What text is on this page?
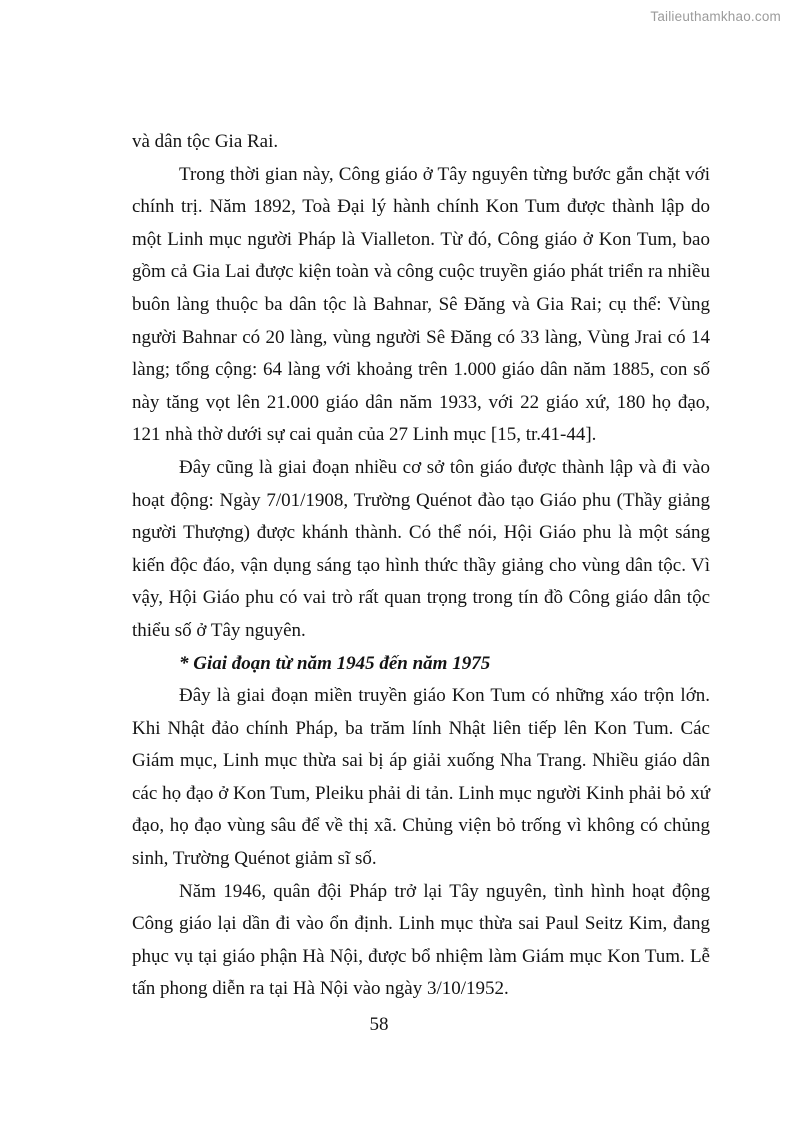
Tailieuthamkhao.com

và dân tộc Gia Rai.

Trong thời gian này, Công giáo ở Tây nguyên từng bước gắn chặt với chính trị. Năm 1892, Toà Đại lý hành chính Kon Tum được thành lập do một Linh mục người Pháp là Vialleton. Từ đó, Công giáo ở Kon Tum, bao gồm cả Gia Lai được kiện toàn và công cuộc truyền giáo phát triển ra nhiều buôn làng thuộc ba dân tộc là Bahnar, Sê Đăng và Gia Rai; cụ thể: Vùng người Bahnar có 20 làng, vùng người Sê Đăng có 33 làng, Vùng Jrai có 14 làng; tổng cộng: 64 làng với khoảng trên 1.000 giáo dân năm 1885, con số này tăng vọt lên 21.000 giáo dân năm 1933, với 22 giáo xứ, 180 họ đạo, 121 nhà thờ dưới sự cai quản của 27 Linh mục [15, tr.41-44].

Đây cũng là giai đoạn nhiều cơ sở tôn giáo được thành lập và đi vào hoạt động: Ngày 7/01/1908, Trường Quénot đào tạo Giáo phu (Thầy giảng người Thượng) được khánh thành. Có thể nói, Hội Giáo phu là một sáng kiến độc đáo, vận dụng sáng tạo hình thức thầy giảng cho vùng dân tộc. Vì vậy, Hội Giáo phu có vai trò rất quan trọng trong tín đồ Công giáo dân tộc thiểu số ở Tây nguyên.

* Giai đoạn từ năm 1945 đến năm 1975

Đây là giai đoạn miền truyền giáo Kon Tum có những xáo trộn lớn. Khi Nhật đảo chính Pháp, ba trăm lính Nhật liên tiếp lên Kon Tum. Các Giám mục, Linh mục thừa sai bị áp giải xuống Nha Trang. Nhiều giáo dân các họ đạo ở Kon Tum, Pleiku phải di tản. Linh mục người Kinh phải bỏ xứ đạo, họ đạo vùng sâu để về thị xã. Chủng viện bỏ trống vì không có chủng sinh, Trường Quénot giảm sĩ số.

Năm 1946, quân đội Pháp trở lại Tây nguyên, tình hình hoạt động Công giáo lại dần đi vào ổn định. Linh mục thừa sai Paul Seitz Kim, đang phục vụ tại giáo phận Hà Nội, được bổ nhiệm làm Giám mục Kon Tum. Lễ tấn phong diễn ra tại Hà Nội vào ngày 3/10/1952.

58
